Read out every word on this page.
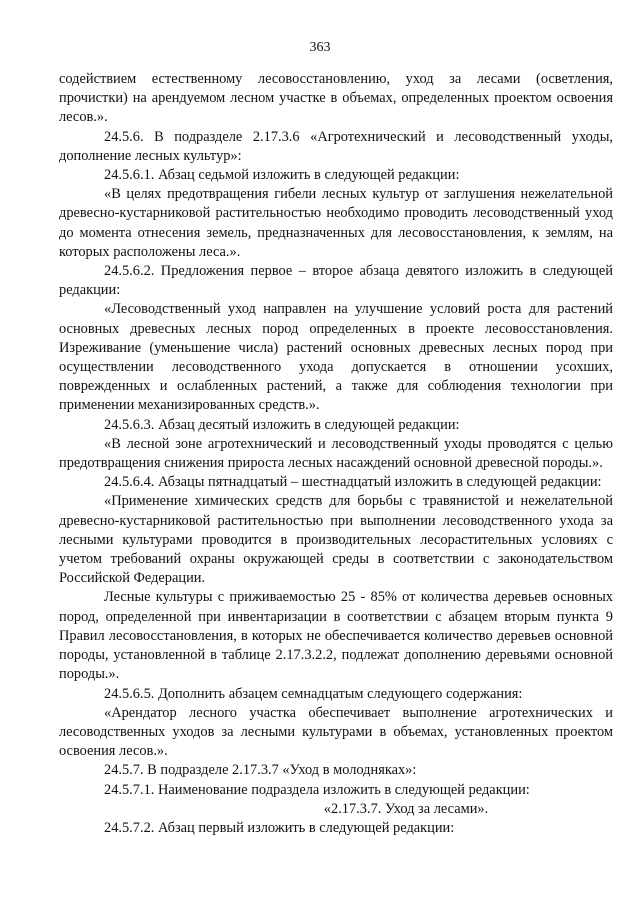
363

содействием естественному лесовосстановлению, уход за лесами (осветления, прочистки) на арендуемом лесном участке в объемах, определенных проектом освоения лесов.».

24.5.6. В подразделе 2.17.3.6 «Агротехнический и лесоводственный уходы, дополнение лесных культур»:

24.5.6.1. Абзац седьмой изложить в следующей редакции:

«В целях предотвращения гибели лесных культур от заглушения нежелательной древесно-кустарниковой растительностью необходимо проводить лесоводственный уход до момента отнесения земель, предназначенных для лесовосстановления, к землям, на которых расположены леса.».

24.5.6.2. Предложения первое – второе абзаца девятого изложить в следующей редакции:

«Лесоводственный уход направлен на улучшение условий роста для растений основных древесных лесных пород определенных в проекте лесовосстановления. Изреживание (уменьшение числа) растений основных древесных лесных пород при осуществлении лесоводственного ухода допускается в отношении усохших, поврежденных и ослабленных растений, а также для соблюдения технологии при применении механизированных средств.».

24.5.6.3. Абзац десятый изложить в следующей редакции:

«В лесной зоне агротехнический и лесоводственный уходы проводятся с целью предотвращения снижения прироста лесных насаждений основной древесной породы.».

24.5.6.4. Абзацы пятнадцатый – шестнадцатый изложить в следующей редакции:

«Применение химических средств для борьбы с травянистой и нежелательной древесно-кустарниковой растительностью при выполнении лесоводственного ухода за лесными культурами проводится в производительных лесорастительных условиях с учетом требований охраны окружающей среды в соответствии с законодательством Российской Федерации.

Лесные культуры с приживаемостью 25 - 85% от количества деревьев основных пород, определенной при инвентаризации в соответствии с абзацем вторым пункта 9 Правил лесовосстановления, в которых не обеспечивается количество деревьев основной породы, установленной в таблице 2.17.3.2.2, подлежат дополнению деревьями основной породы.».

24.5.6.5. Дополнить абзацем семнадцатым следующего содержания:

«Арендатор лесного участка обеспечивает выполнение агротехнических и лесоводственных уходов за лесными культурами в объемах, установленных проектом освоения лесов.».

24.5.7. В подразделе 2.17.3.7 «Уход в молодняках»:

24.5.7.1. Наименование подраздела изложить в следующей редакции:

«2.17.3.7. Уход за лесами».

24.5.7.2. Абзац первый изложить в следующей редакции:
